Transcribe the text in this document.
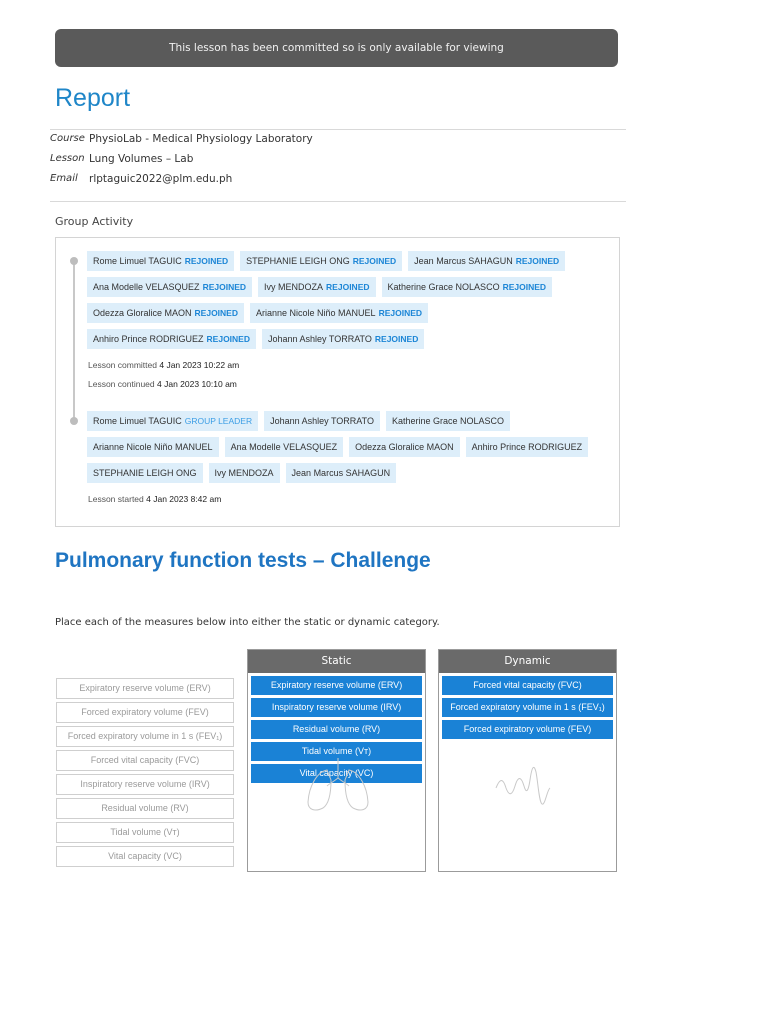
This lesson has been committed so is only available for viewing
Report
Course PhysioLab - Medical Physiology Laboratory
Lesson Lung Volumes – Lab
Email	rlptaguic2022@plm.edu.ph
Group Activity
Rome Limuel TAGUIC REJOINED STEPHANIE LEIGH ONG REJOINED Jean Marcus SAHAGUN REJOINED
Ana Modelle VELASQUEZ REJOINED Ivy MENDOZA REJOINED Katherine Grace NOLASCO REJOINED
Odezza Gloralice MAON REJOINED Arianne Nicole Niño MANUEL REJOINED
Anhiro Prince RODRIGUEZ REJOINED Johann Ashley TORRATO REJOINED
Lesson committed 4 Jan 2023 10:22 am
Lesson continued 4 Jan 2023 10:10 am
Rome Limuel TAGUIC GROUP LEADER Johann Ashley TORRATO Katherine Grace NOLASCO
Arianne Nicole Niño MANUEL Ana Modelle VELASQUEZ Odezza Gloralice MAON Anhiro Prince RODRIGUEZ
STEPHANIE LEIGH ONG Ivy MENDOZA Jean Marcus SAHAGUN
Lesson started 4 Jan 2023 8:42 am
Pulmonary function tests – Challenge
Place each of the measures below into either the static or dynamic category.
Expiratory reserve volume (ERV)
Forced expiratory volume (FEV)
Forced expiratory volume in 1 s (FEV₁)
Forced vital capacity (FVC)
Inspiratory reserve volume (IRV)
Residual volume (RV)
Tidal volume (Vᴛ)
Vital capacity (VC)
Static
Expiratory reserve volume (ERV)
Inspiratory reserve volume (IRV)
Residual volume (RV)
Tidal volume (Vᴛ)
Vital capacity (VC)
Dynamic
Forced vital capacity (FVC)
Forced expiratory volume in 1 s (FEV₁)
Forced expiratory volume (FEV)
